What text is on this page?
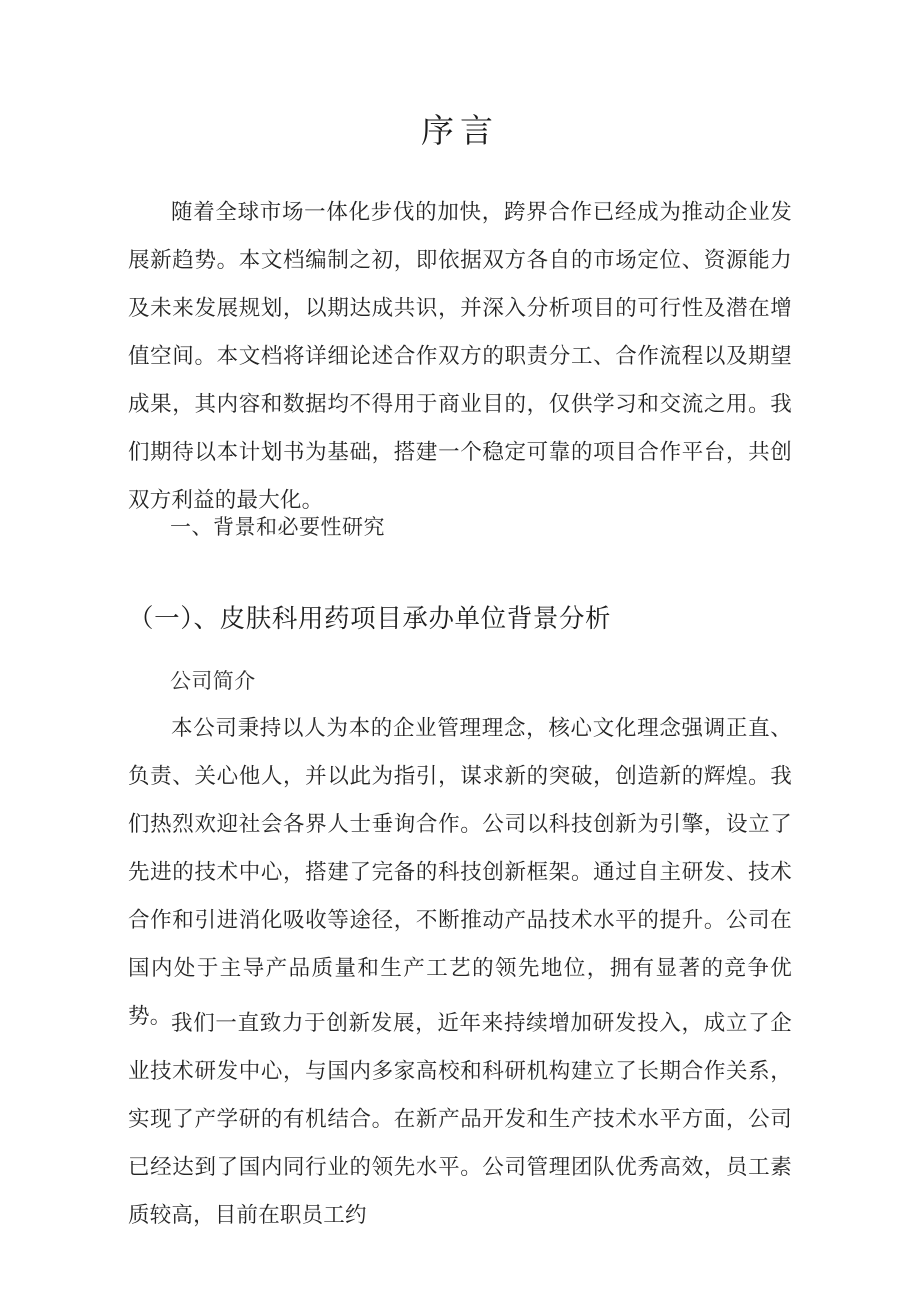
序言

随着全球市场一体化步伐的加快，跨界合作已经成为推动企业发展新趋势。本文档编制之初，即依据双方各自的市场定位、资源能力及未来发展规划，以期达成共识，并深入分析项目的可行性及潜在增值空间。本文档将详细论述合作双方的职责分工、合作流程以及期望成果，其内容和数据均不得用于商业目的，仅供学习和交流之用。我们期待以本计划书为基础，搭建一个稳定可靠的项目合作平台，共创双方利益的最大化。

一、背景和必要性研究
（一）、皮肤科用药项目承办单位背景分析
公司简介

本公司秉持以人为本的企业管理理念，核心文化理念强调正直、负责、关心他人，并以此为指引，谋求新的突破，创造新的辉煌。我们热烈欢迎社会各界人士垂询合作。公司以科技创新为引擎，设立了先进的技术中心，搭建了完备的科技创新框架。通过自主研发、技术合作和引进消化吸收等途径，不断推动产品技术水平的提升。公司在国内处于主导产品质量和生产工艺的领先地位，拥有显著的竞争优势。 我们一直致力于创新发展，近年来持续增加研发投入，成立了企业技术研发中心，与国内多家高校和科研机构建立了长期合作关系，实现了产学研的有机结合。在新产品开发和生产技术水平方面，公司已经达到了国内同行业的领先水平。公司管理团队优秀高效，员工素质较高，目前在职员工约
